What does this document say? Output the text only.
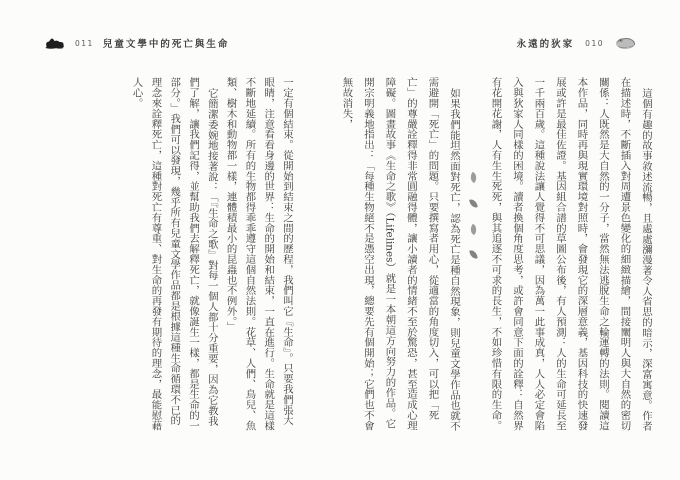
011 兒童文學中的死亡與生命

一定有個結束。從開始到結束之間的歷程，我們叫它『生命』。只要我們張大眼睛，注意看看身邊的世界：生命的開始和結束，一直在進行。生命就是這樣不斷地延續。所有的生物都得乖乖遵守這個自然法則。花草、人們、鳥兒、魚類、樹木和動物都一樣，連體積最小的昆蟲也不例外。」

它簡潔委婉地接著說：「『生命之歌』對每一個人都十分重要，因為它教我們了解，讓我們記得，並幫助我們去解釋死亡，就像誕生一樣，都是生命的一部分。」我們可以發現，幾乎所有兒童文學作品都是根據這種生命循環不已的理念來詮釋死亡，這種對死亡有尊重、對生命的再發有期待的理念，最能慰藉人心。

永遠的狄家 010

這個有趣的故事敘述流暢，且處處瀰漫著令人省思的暗示，深富寓意。作者在描述時，不斷插入對周遭景色變化的細緻描繪，間接闡明人與大自然的密切關係：人既然是大自然的一分子，當然無法逃脫生命之輪運轉的法則。閱讀這本作品，同時再與現實環境對照時，會發現它的深層意義，基因科技的快速發展或許是最佳佐證。基因組合譜的草圖公布後，有人預測：人的生命可延長至一千兩百歲。這種說法讓人覺得不可思議，因為萬一此事成真，人人必定會陷入與狄家人同樣的困境。讀者換個角度思考，或許會同意下面的詮釋：自然界有花開花謝，人有生生死死，與其追逐不可求的長生，不如珍惜有限的生命。

如果我們能坦然面對死亡，認為死亡是種自然現象，則兒童文學作品也就不需避開「死亡」的問題。只要撰寫者用心，從適當的角度切入，可以把「死亡」的尊嚴詮釋得非常圓融得體，讓小讀者的情緒不至於驚恐，甚至造成心理障礙。圖畫故事《生命之歌》（Lifelines）就是一本朝這方向努力的作品。它開宗明義地指出：「每種生物絕不是憑空出現，總要先有個開始；它們也不會無故消失，
